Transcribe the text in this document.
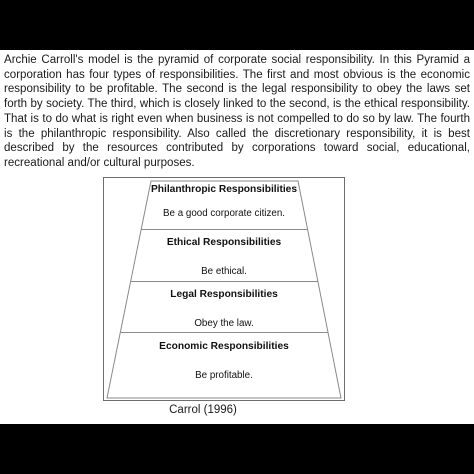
Archie Carroll's model is the pyramid of corporate social responsibility. In this Pyramid a corporation has four types of responsibilities. The first and most obvious is the economic responsibility to be profitable. The second is the legal responsibility to obey the laws set forth by society. The third, which is closely linked to the second, is the ethical responsibility. That is to do what is right even when business is not compelled to do so by law. The fourth is the philanthropic responsibility. Also called the discretionary responsibility, it is best described by the resources contributed by corporations toward social, educational, recreational and/or cultural purposes.

Philanthropic Responsibilities
Be a good corporate citizen.
Ethical Responsibilities
Be ethical.
Legal Responsibilities
Obey the law.
Economic Responsibilities
Be profitable.
Carrol (1996)
